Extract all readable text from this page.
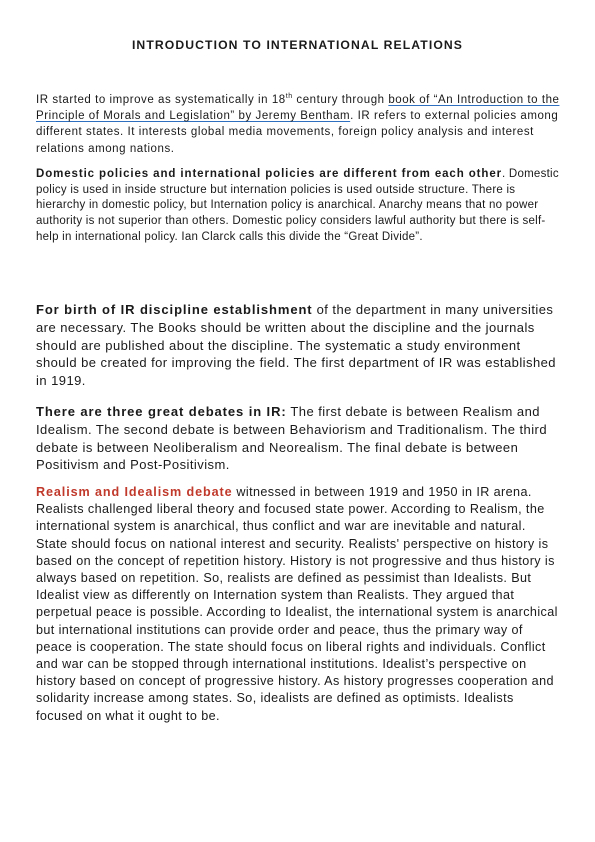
INTRODUCTION TO INTERNATIONAL RELATIONS

IR started to improve as systematically in 18th century through book of “An Introduction to the Principle of Morals and Legislation” by Jeremy Bentham. IR refers to external policies among different states. It interests global media movements, foreign policy analysis and interest relations among nations.

Domestic policies and international policies are different from each other. Domestic policy is used in inside structure but internation policies is used outside structure. There is hierarchy in domestic policy, but Internation policy is anarchical. Anarchy means that no power authority is not superior than others. Domestic policy considers lawful authority but there is self-help in international policy. Ian Clarck calls this divide the “Great Divide”.

For birth of IR discipline establishment of the department in many universities are necessary. The Books should be written about the discipline and the journals should are published about the discipline. The systematic a study environment should be created for improving the field. The first department of IR was established in 1919.

There are three great debates in IR: The first debate is between Realism and Idealism. The second debate is between Behaviorism and Traditionalism. The third debate is between Neoliberalism and Neorealism. The final debate is between Positivism and Post-Positivism.

Realism and Idealism debate witnessed in between 1919 and 1950 in IR arena. Realists challenged liberal theory and focused state power. According to Realism, the international system is anarchical, thus conflict and war are inevitable and natural. State should focus on national interest and security. Realists' perspective on history is based on the concept of repetition history. History is not progressive and thus history is always based on repetition. So, realists are defined as pessimist than Idealists. But Idealist view as differently on Internation system than Realists. They argued that perpetual peace is possible. According to Idealist, the international system is anarchical but international institutions can provide order and peace, thus the primary way of peace is cooperation. The state should focus on liberal rights and individuals. Conflict and war can be stopped through international institutions. Idealist’s perspective on history based on concept of progressive history. As history progresses cooperation and solidarity increase among states. So, idealists are defined as optimists. Idealists focused on what it ought to be.
